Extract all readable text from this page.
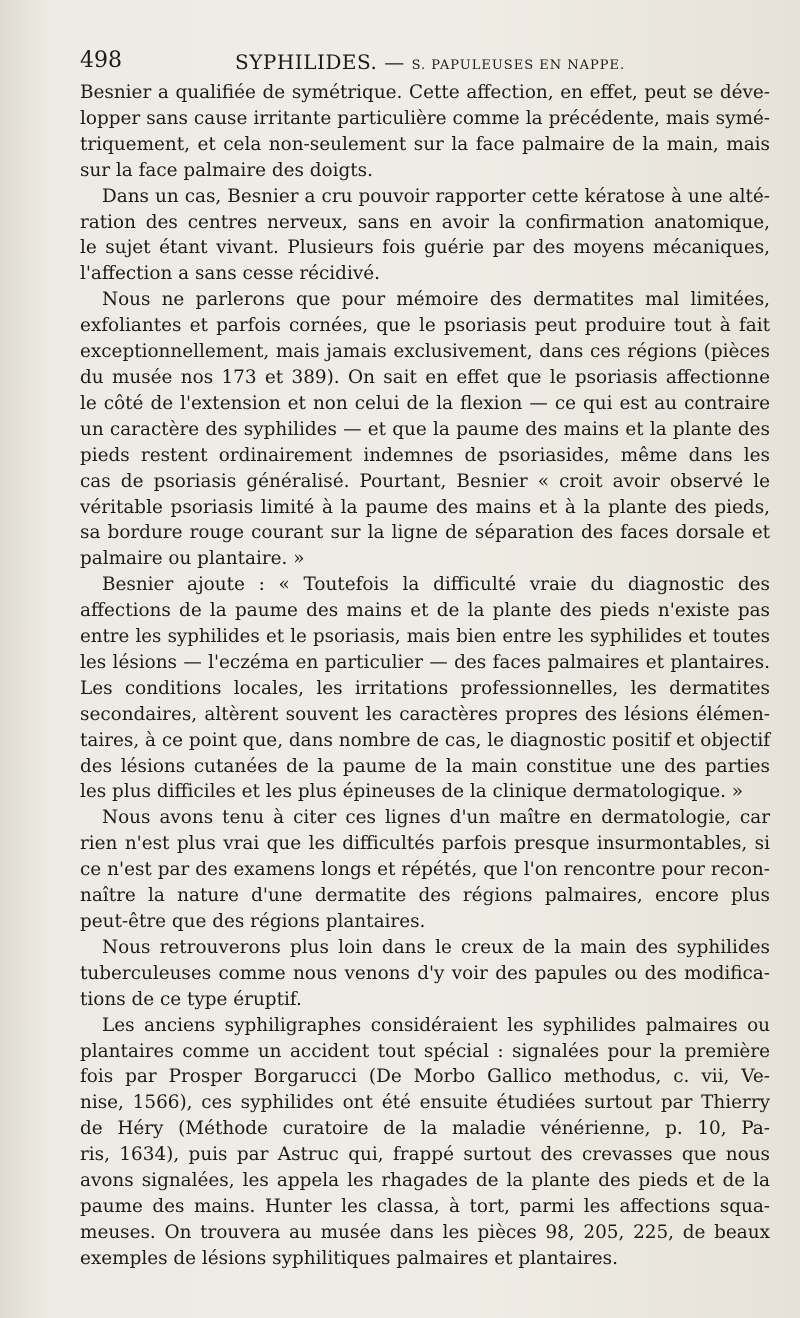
498	SYPHILIDES. — S. PAPULEUSES EN NAPPE.
Besnier a qualifiée de symétrique. Cette affection, en effet, peut se déve-
lopper sans cause irritante particulière comme la précédente, mais symé-
triquement, et cela non-seulement sur la face palmaire de la main, mais
sur la face palmaire des doigts.
Dans un cas, Besnier a cru pouvoir rapporter cette kératose à une alté-
ration des centres nerveux, sans en avoir la confirmation anatomique,
le sujet étant vivant. Plusieurs fois guérie par des moyens mécaniques,
l'affection a sans cesse récidivé.
Nous ne parlerons que pour mémoire des dermatites mal limitées,
exfoliantes et parfois cornées, que le psoriasis peut produire tout à fait
exceptionnellement, mais jamais exclusivement, dans ces régions (pièces
du musée nos 173 et 389). On sait en effet que le psoriasis affectionne
le côté de l'extension et non celui de la flexion — ce qui est au contraire
un caractère des syphilides — et que la paume des mains et la plante des
pieds restent ordinairement indemnes de psoriasides, même dans les
cas de psoriasis généralisé. Pourtant, Besnier « croit avoir observé le
véritable psoriasis limité à la paume des mains et à la plante des pieds,
sa bordure rouge courant sur la ligne de séparation des faces dorsale et
palmaire ou plantaire. »
Besnier ajoute : « Toutefois la difficulté vraie du diagnostic des
affections de la paume des mains et de la plante des pieds n'existe pas
entre les syphilides et le psoriasis, mais bien entre les syphilides et toutes
les lésions — l'eczéma en particulier — des faces palmaires et plantaires.
Les conditions locales, les irritations professionnelles, les dermatites
secondaires, altèrent souvent les caractères propres des lésions élémen-
taires, à ce point que, dans nombre de cas, le diagnostic positif et objectif
des lésions cutanées de la paume de la main constitue une des parties
les plus difficiles et les plus épineuses de la clinique dermatologique. »
Nous avons tenu à citer ces lignes d'un maître en dermatologie, car
rien n'est plus vrai que les difficultés parfois presque insurmontables, si
ce n'est par des examens longs et répétés, que l'on rencontre pour recon-
naître la nature d'une dermatite des régions palmaires, encore plus
peut-être que des régions plantaires.
Nous retrouverons plus loin dans le creux de la main des syphilides
tuberculeuses comme nous venons d'y voir des papules ou des modifica-
tions de ce type éruptif.
Les anciens syphiligraphes considéraient les syphilides palmaires ou
plantaires comme un accident tout spécial : signalées pour la première
fois par Prosper Borgarucci (De Morbo Gallico methodus, c. vii, Ve-
nise, 1566), ces syphilides ont été ensuite étudiées surtout par Thierry
de Héry (Méthode curatoire de la maladie vénérienne, p. 10, Pa-
ris, 1634), puis par Astruc qui, frappé surtout des crevasses que nous
avons signalées, les appela les rhagades de la plante des pieds et de la
paume des mains. Hunter les classa, à tort, parmi les affections squa-
meuses. On trouvera au musée dans les pièces 98, 205, 225, de beaux
exemples de lésions syphilitiques palmaires et plantaires.
